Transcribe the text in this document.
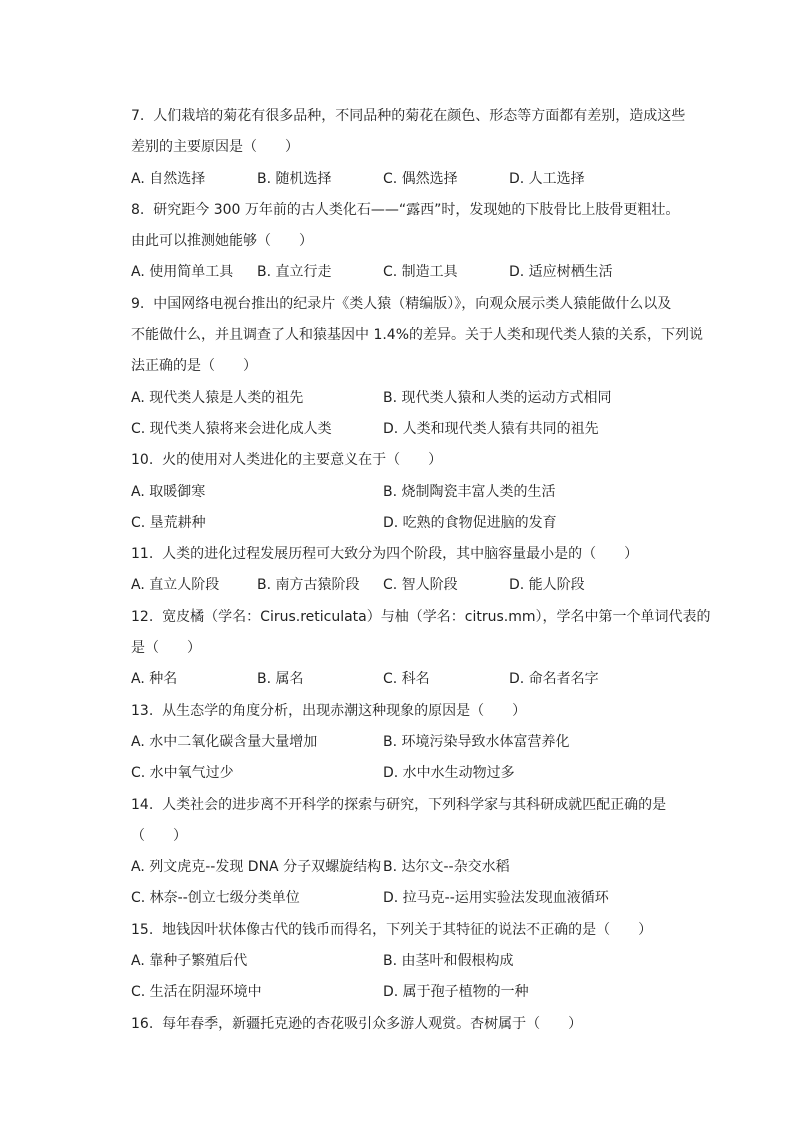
7.  人们栽培的菊花有很多品种，不同品种的菊花在颜色、形态等方面都有差别，造成这些
差别的主要原因是（　　）
A. 自然选择	B. 随机选择	C. 偶然选择	D. 人工选择
8.  研究距今 300 万年前的古人类化石——“露西”时，发现她的下肢骨比上肢骨更粗壮。
由此可以推测她能够（　　）
A. 使用简单工具	B. 直立行走	C. 制造工具	D. 适应树栖生活
9.  中国网络电视台推出的纪录片《类人猿（精编版）》，向观众展示类人猿能做什么以及
不能做什么，并且调查了人和猿基因中 1.4%的差异。关于人类和现代类人猿的关系，下列说
法正确的是（　　）
A. 现代类人猿是人类的祖先	B. 现代类人猿和人类的运动方式相同
C. 现代类人猿将来会进化成人类	D. 人类和现代类人猿有共同的祖先
10.  火的使用对人类进化的主要意义在于（　　）
A. 取暖御寒	B. 烧制陶瓷丰富人类的生活
C. 垦荒耕种	D. 吃熟的食物促进脑的发育
11.  人类的进化过程发展历程可大致分为四个阶段，其中脑容量最小是的（　　）
A. 直立人阶段	B. 南方古猿阶段	C. 智人阶段	D. 能人阶段
12.  宽皮橘（学名：Cirus.reticulata）与柚（学名：citrus.mm），学名中第一个单词代表的
是（　　）
A. 种名	B. 属名	C. 科名	D. 命名者名字
13.  从生态学的角度分析，出现赤潮这种现象的原因是（　　）
A. 水中二氧化碳含量大量增加	B. 环境污染导致水体富营养化
C. 水中氧气过少	D. 水中水生动物过多
14.  人类社会的进步离不开科学的探索与研究，下列科学家与其科研成就匹配正确的是
（　　）
A. 列文虎克--发现 DNA 分子双螺旋结构 B. 达尔文--杂交水稻
C. 林奈--创立七级分类单位	D. 拉马克--运用实验法发现血液循环
15.  地钱因叶状体像古代的钱币而得名，下列关于其特征的说法不正确的是（　　）
A. 靠种子繁殖后代	B. 由茎叶和假根构成
C. 生活在阴湿环境中	D. 属于孢子植物的一种
16.  每年春季，新疆托克逊的杏花吸引众多游人观赏。杏树属于（　　）
